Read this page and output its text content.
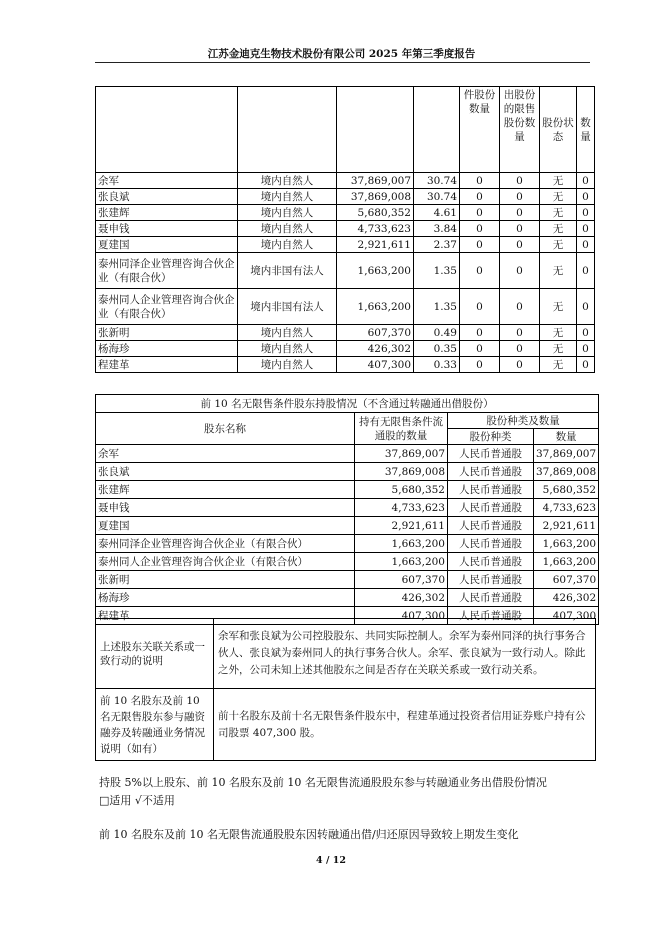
江苏金迪克生物技术股份有限公司 2025 年第三季度报告
				件股份数量	出股份的限售股份数量	股份状态	数量
余军	境内自然人	37,869,007	30.74	0	0	无	0
张良斌	境内自然人	37,869,008	30.74	0	0	无	0
张建辉	境内自然人	5,680,352	4.61	0	0	无	0
聂申钱	境内自然人	4,733,623	3.84	0	0	无	0
夏建国	境内自然人	2,921,611	2.37	0	0	无	0
泰州同泽企业管理咨询合伙企业（有限合伙）	境内非国有法人	1,663,200	1.35	0	0	无	0
泰州同人企业管理咨询合伙企业（有限合伙）	境内非国有法人	1,663,200	1.35	0	0	无	0
张新明	境内自然人	607,370	0.49	0	0	无	0
杨海珍	境内自然人	426,302	0.35	0	0	无	0
程建革	境内自然人	407,300	0.33	0	0	无	0
前 10 名无限售条件股东持股情况（不含通过转融通出借股份）			
股东名称	持有无限售条件流通股的数量	股份种类及数量	
		股份种类	数量
余军	37,869,007	人民币普通股	37,869,007
张良斌	37,869,008	人民币普通股	37,869,008
张建辉	5,680,352	人民币普通股	5,680,352
聂申钱	4,733,623	人民币普通股	4,733,623
夏建国	2,921,611	人民币普通股	2,921,611
泰州同泽企业管理咨询合伙企业（有限合伙）	1,663,200	人民币普通股	1,663,200
泰州同人企业管理咨询合伙企业（有限合伙）	1,663,200	人民币普通股	1,663,200
张新明	607,370	人民币普通股	607,370
杨海珍	426,302	人民币普通股	426,302
程建革	407,300	人民币普通股	407,300
上述股东关联关系或一致行动的说明	余军和张良斌为公司控股股东、共同实际控制人。余军为泰州同泽的执行事务合伙人、张良斌为泰州同人的执行事务合伙人。余军、张良斌为一致行动人。除此之外，公司未知上述其他股东之间是否存在关联关系或一致行动关系。
前 10 名股东及前 10 名无限售股东参与融资融券及转融通业务情况说明（如有）	前十名股东及前十名无限售条件股东中，程建革通过投资者信用证券账户持有公司股票 407,300 股。
持股 5%以上股东、前 10 名股东及前 10 名无限售流通股股东参与转融通业务出借股份情况
□适用 √不适用
前 10 名股东及前 10 名无限售流通股股东因转融通出借/归还原因导致较上期发生变化
4 / 12
